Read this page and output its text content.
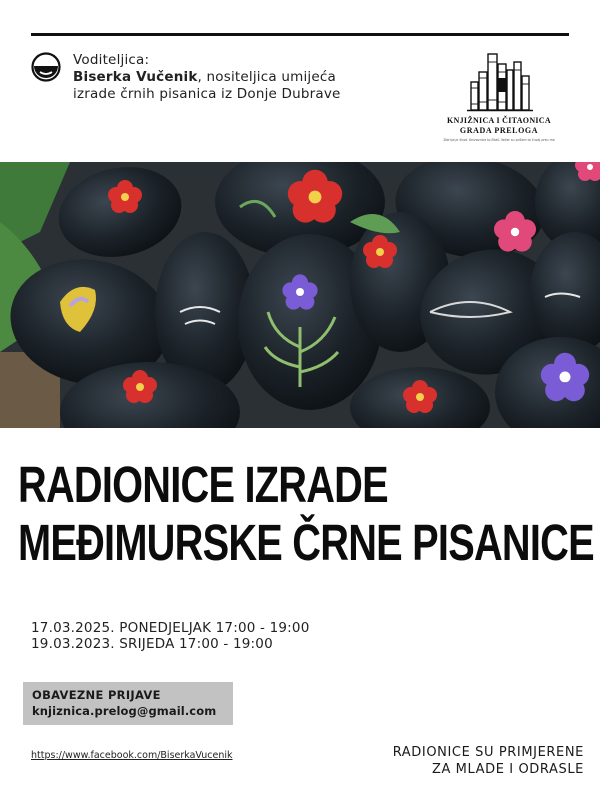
Voditeljica:
Biserka Vučenik, nositeljica umijeća izrade črnih pisanica iz Donje Dubrave
KNJIŽNICA I ČITAONICA
GRADA PRELOGA
Zbirnja je život. Knizovnice to čitaš. Večer su pričam to čuvaj preu me
RADIONICE IZRADE
MEĐIMURSKE ČRNE PISANICE
17.03.2025. PONEDJELJAK 17:00 - 19:00
19.03.2023. SRIJEDA 17:00 - 19:00
OBAVEZNE PRIJAVE
knjiznica.prelog@gmail.com
https://www.facebook.com/BiserkaVucenik	RADIONICE SU PRIMJERENE
ZA MLADE I ODRASLE
